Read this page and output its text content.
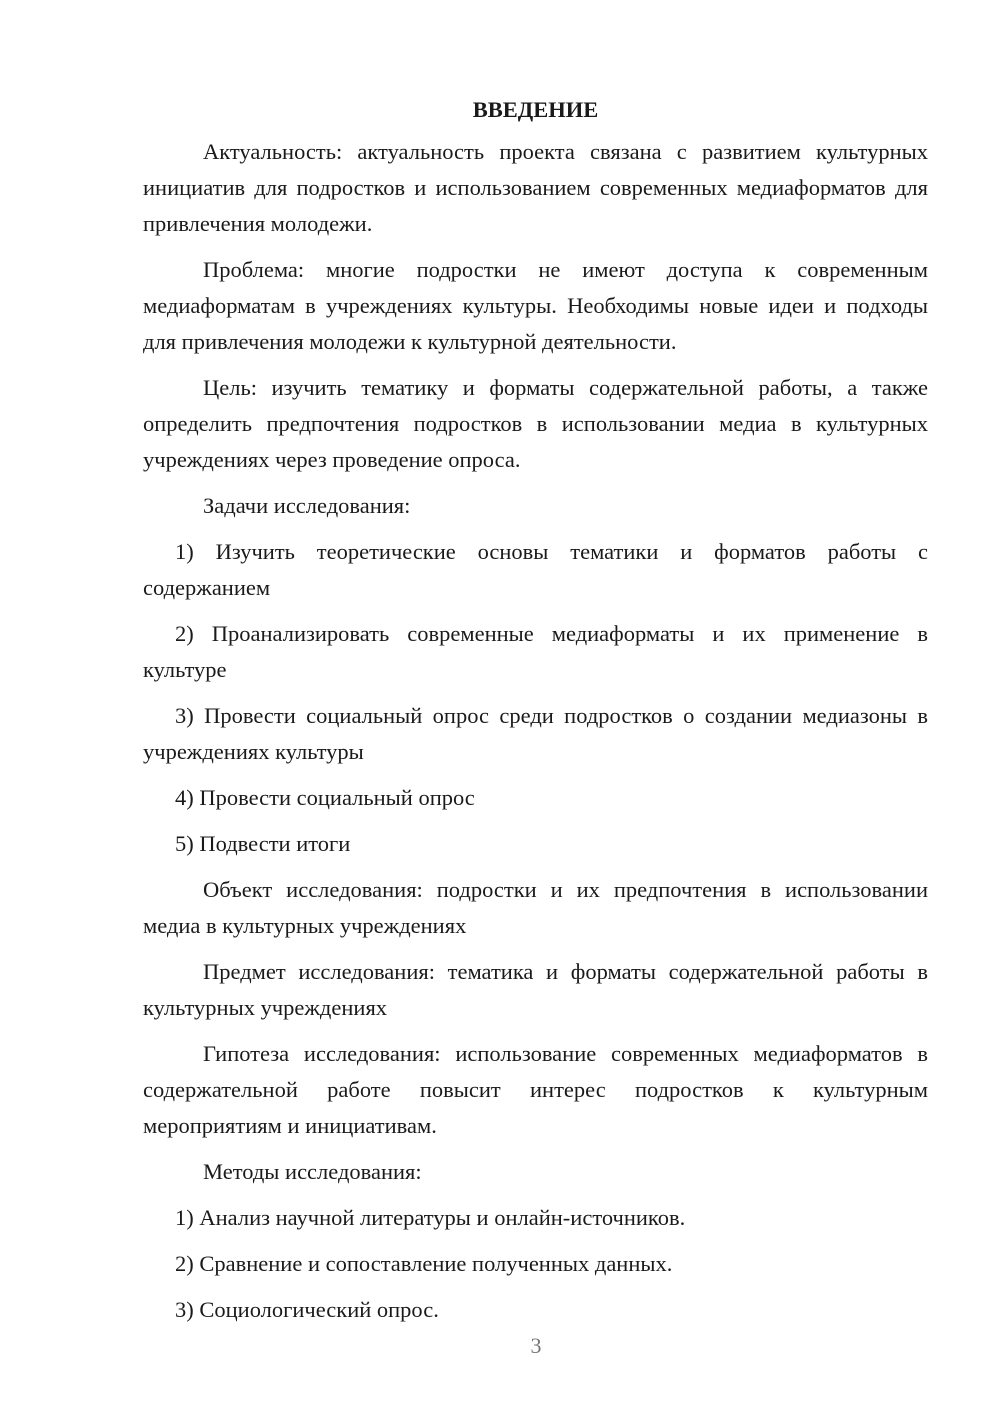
ВВЕДЕНИЕ

Актуальность: актуальность проекта связана с развитием культурных инициатив для подростков и использованием современных медиаформатов для привлечения молодежи.

Проблема: многие подростки не имеют доступа к современным медиаформатам в учреждениях культуры. Необходимы новые идеи и подходы для привлечения молодежи к культурной деятельности.

Цель: изучить тематику и форматы содержательной работы, а также определить предпочтения подростков в использовании медиа в культурных учреждениях через проведение опроса.

Задачи исследования:

1) Изучить теоретические основы тематики и форматов работы с содержанием

2) Проанализировать современные медиаформаты и их применение в культуре

3) Провести социальный опрос среди подростков о создании медиазоны в учреждениях культуры

4) Провести социальный опрос

5) Подвести итоги

Объект исследования: подростки и их предпочтения в использовании медиа в культурных учреждениях

Предмет исследования: тематика и форматы содержательной работы в культурных учреждениях

Гипотеза исследования: использование современных медиаформатов в содержательной работе повысит интерес подростков к культурным мероприятиям и инициативам.

Методы исследования:

1) Анализ научной литературы и онлайн-источников.

2) Сравнение и сопоставление полученных данных.

3) Социологический опрос.

3
